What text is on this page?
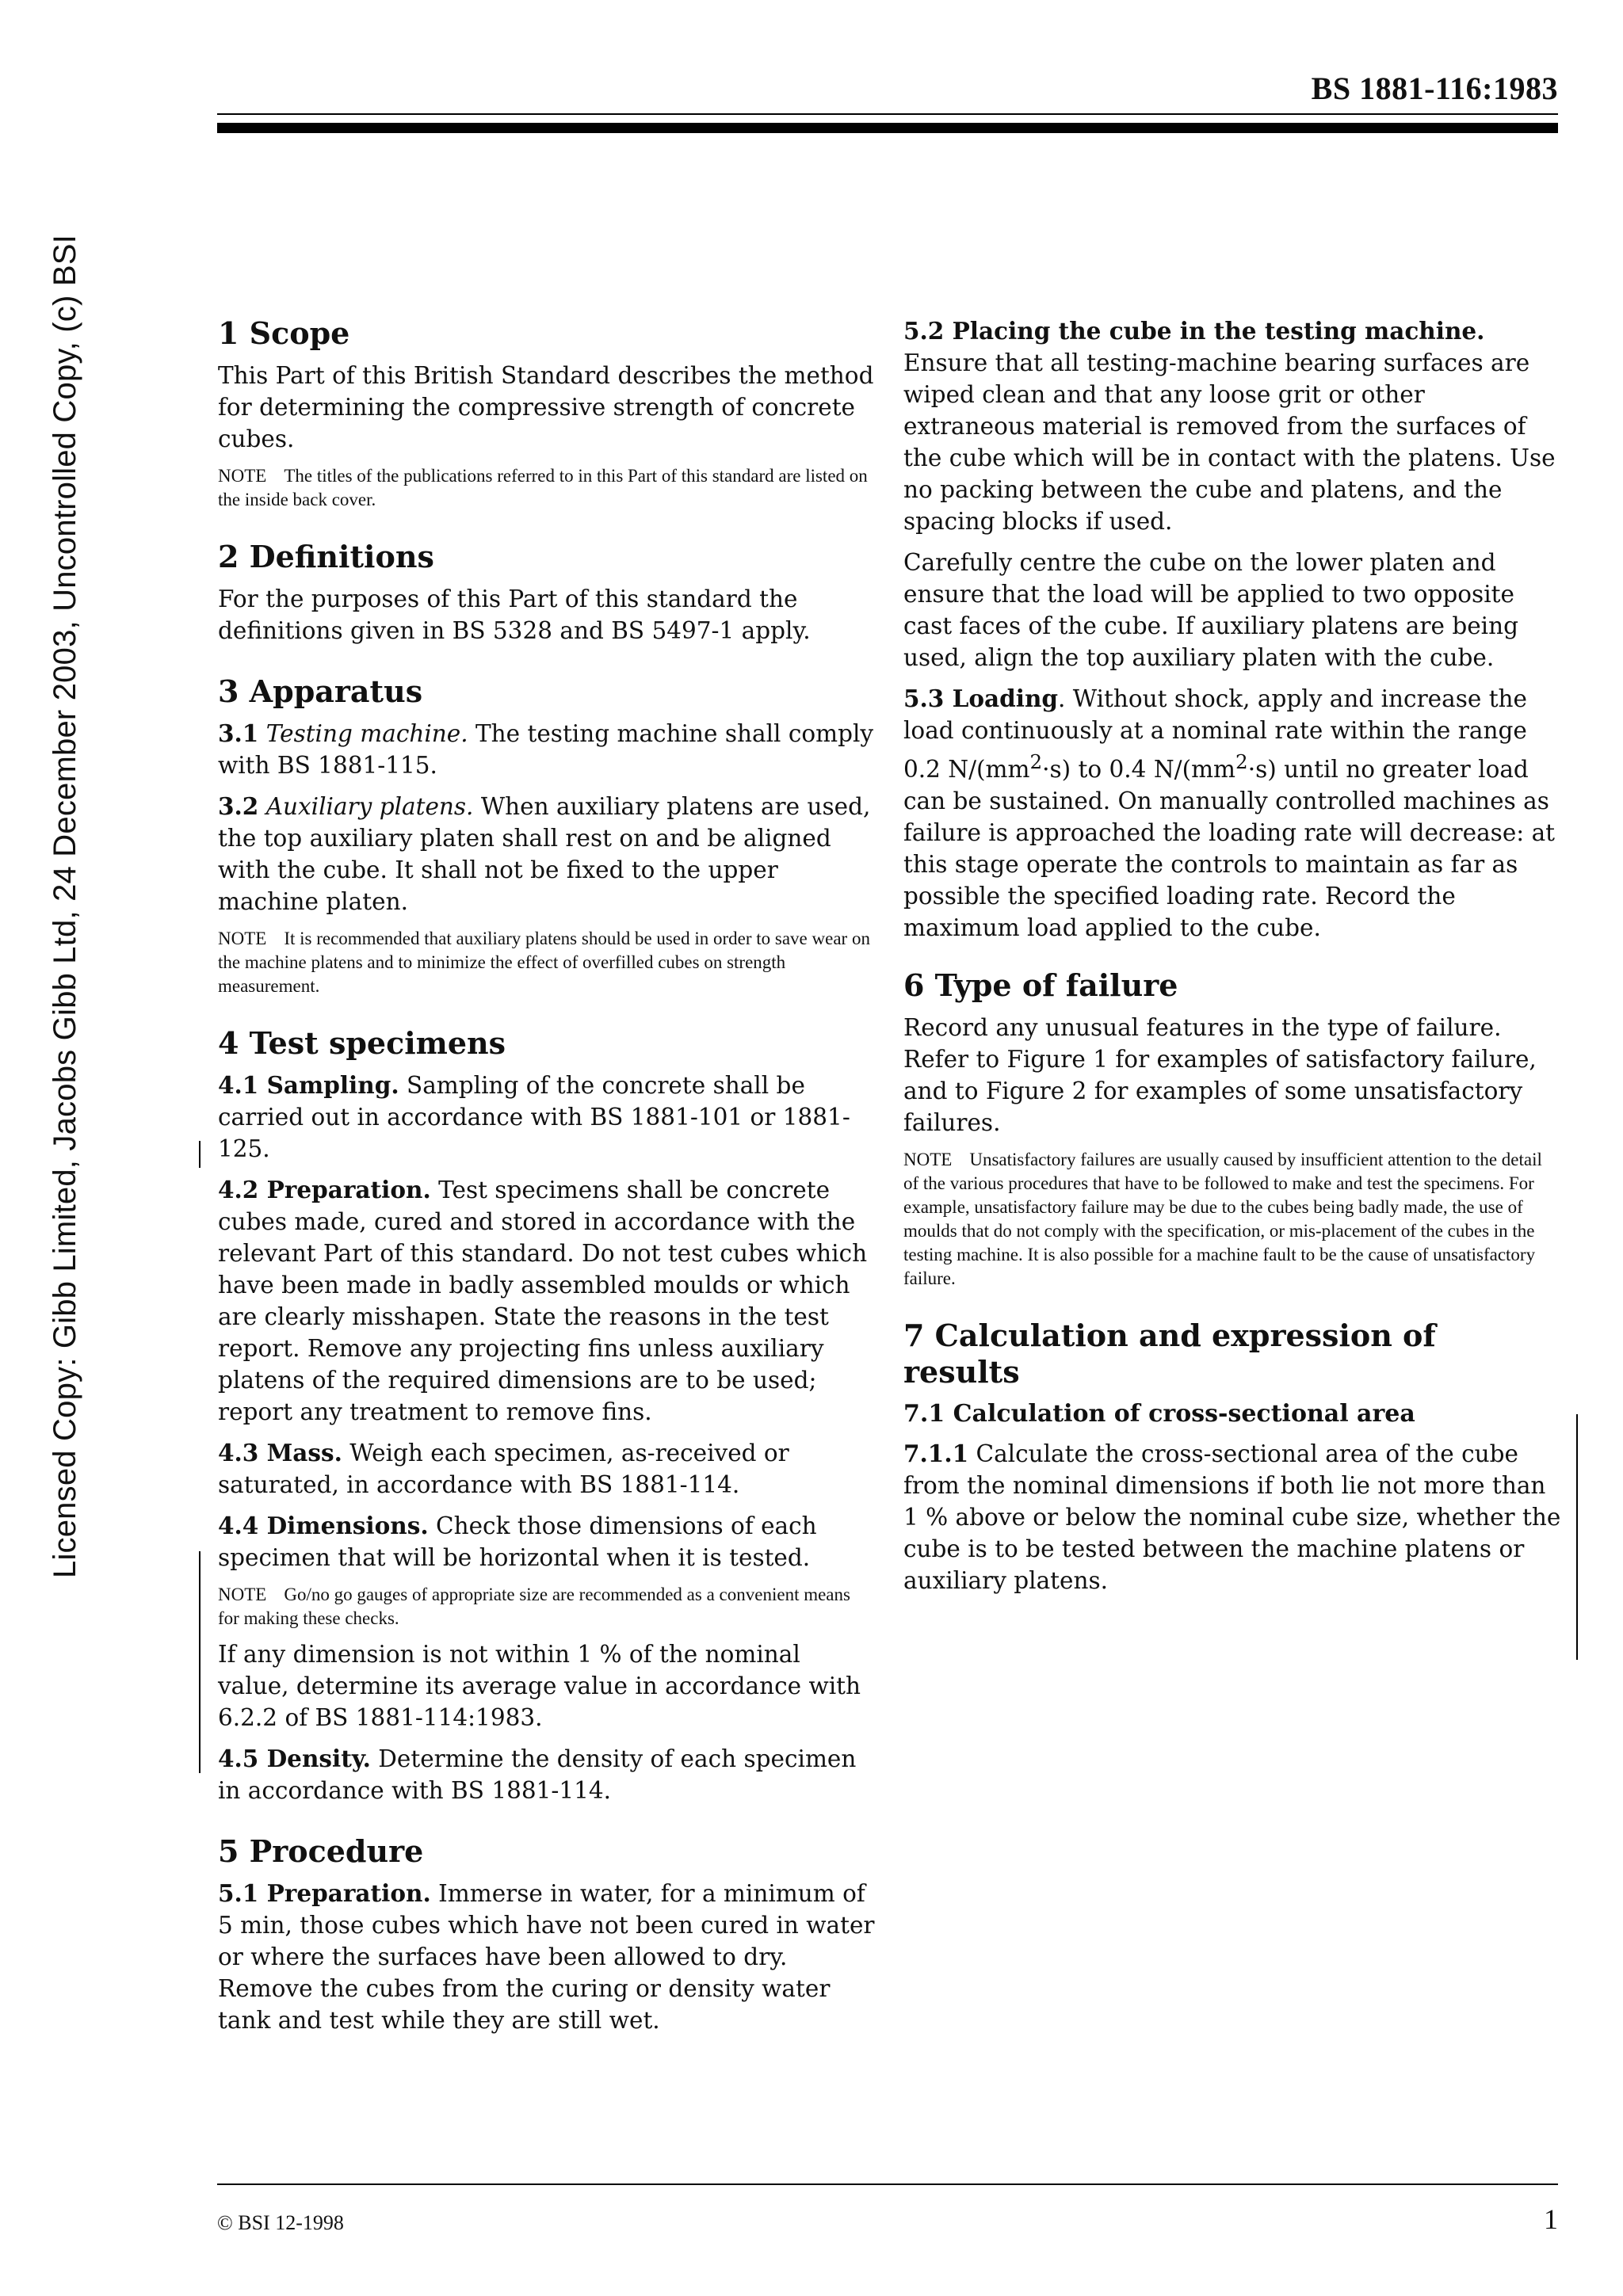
BS 1881-116:1983
Licensed Copy: Gibb Limited, Jacobs Gibb Ltd, 24 December 2003, Uncontrolled Copy, (c) BSI	1 Scope

This Part of this British Standard describes the method for determining the compressive strength of concrete cubes.

NOTE The titles of the publications referred to in this Part of this standard are listed on the inside back cover.

2 Definitions

For the purposes of this Part of this standard the definitions given in BS 5328 and BS 5497-1 apply.

3 Apparatus

3.1 Testing machine. The testing machine shall comply with BS 1881-115.

3.2 Auxiliary platens. When auxiliary platens are used, the top auxiliary platen shall rest on and be aligned with the cube. It shall not be fixed to the upper machine platen.

NOTE It is recommended that auxiliary platens should be used in order to save wear on the machine platens and to minimize the effect of overfilled cubes on strength measurement.

4 Test specimens

4.1 Sampling. Sampling of the concrete shall be carried out in accordance with BS 1881-101 or 1881-125.

4.2 Preparation. Test specimens shall be concrete cubes made, cured and stored in accordance with the relevant Part of this standard. Do not test cubes which have been made in badly assembled moulds or which are clearly misshapen. State the reasons in the test report. Remove any projecting fins unless auxiliary platens of the required dimensions are to be used; report any treatment to remove fins.

4.3 Mass. Weigh each specimen, as-received or saturated, in accordance with BS 1881-114.

4.4 Dimensions. Check those dimensions of each specimen that will be horizontal when it is tested.

NOTE Go/no go gauges of appropriate size are recommended as a convenient means for making these checks.

If any dimension is not within 1 % of the nominal value, determine its average value in accordance with 6.2.2 of BS 1881-114:1983.

4.5 Density. Determine the density of each specimen in accordance with BS 1881-114.

5 Procedure

5.1 Preparation. Immerse in water, for a minimum of 5 min, those cubes which have not been cured in water or where the surfaces have been allowed to dry. Remove the cubes from the curing or density water tank and test while they are still wet.

5.2 Placing the cube in the testing machine. Ensure that all testing-machine bearing surfaces are wiped clean and that any loose grit or other extraneous material is removed from the surfaces of the cube which will be in contact with the platens. Use no packing between the cube and platens, and the spacing blocks if used.

Carefully centre the cube on the lower platen and ensure that the load will be applied to two opposite cast faces of the cube. If auxiliary platens are being used, align the top auxiliary platen with the cube.

5.3 Loading. Without shock, apply and increase the load continuously at a nominal rate within the range 0.2 $N/(mm^2\cdot s)$ to 0.4 $N/(mm^2\cdot s)$ until no greater load can be sustained. On manually controlled machines as failure is approached the loading rate will decrease: at this stage operate the controls to maintain as far as possible the specified loading rate. Record the maximum load applied to the cube.

6 Type of failure

Record any unusual features in the type of failure. Refer to Figure 1 for examples of satisfactory failure, and to Figure 2 for examples of some unsatisfactory failures.

NOTE Unsatisfactory failures are usually caused by insufficient attention to the detail of the various procedures that have to be followed to make and test the specimens. For example, unsatisfactory failure may be due to the cubes being badly made, the use of moulds that do not comply with the specification, or mis-placement of the cubes in the testing machine. It is also possible for a machine fault to be the cause of unsatisfactory failure.

7 Calculation and expression of results
7.1 Calculation of cross-sectional area

7.1.1 Calculate the cross-sectional area of the cube from the nominal dimensions if both lie not more than 1 % above or below the nominal cube size, whether the cube is to be tested between the machine platens or auxiliary platens.

© BSI 12-1998	1
